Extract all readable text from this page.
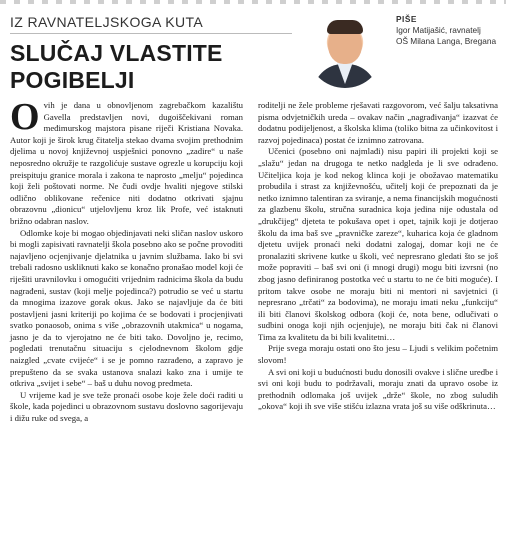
IZ RAVNATELJSKOGA KUTA
SLUČAJ VLASTITE POGIBELJI
PIŠE
Igor Matijašić, ravnatelj
OŠ Milana Langa, Bregana

Ovih je dana u obnovljenom zagrebačkom kazalištu Gavella predstavljen novi, dugoiščekivani roman međimurskog majstora pisane riječi Kristiana Novaka. Autor koji je širok krug čitatelja stekao dvama svojim prethodnim djelima u novoj književnoj uspješnici ponovno „zadire“ u naše neposredno okružje te razgolićuje sustave ogrezle u korupciju koji preispituju granice morala i zakona te naprosto „melju“ pojedinca koji želi poštovati norme. Ne čudi ovdje hvaliti njegove stilski odlično oblikovane rečenice niti dodatno otkrivati sjajnu obrazovnu „dionicu“ utjelovljenu kroz lik Profe, već istaknuti brižno odabran naslov.

Odlomke koje bi mogao objedinjavati neki sličan naslov uskoro bi mogli zapisivati ravnatelji škola posebno ako se počne provoditi najavljeno ocjenjivanje djelatnika u javnim službama. Iako bi svi trebali radosno uskliknuti kako se konačno pronašao model koji će riješiti uravnilovku i omogućiti vrijednim radnicima škola da budu nagrađeni, sustav (koji melje pojedinca?) potrudio se već u startu da mnogima izazove gorak okus. Jako se najavljuje da će biti postavljeni jasni kriteriji po kojima će se bodovati i procjenjivati svatko ponaosob, onima s više „obrazovnih utakmica“ u nogama, jasno je da to vjerojatno ne će biti tako. Dovoljno je, recimo, pogledati trenutačnu situaciju s cjelodnevnom školom gdje naizgled „cvate cvijeće“ i se je pomno razrađeno, a zapravo je prepušteno da se svaka ustanova snalazi kako zna i umije te otkriva „svijet i sebe“ – baš u duhu novog predmeta.

U vrijeme kad je sve teže pronaći osobe koje žele doći raditi u škole, kada pojedinci u obrazovnom sustavu doslovno sagorijevaju i dižu ruke od svega, a

roditelji ne žele probleme rješavati razgovorom, već šalju taksativna pisma odvjetničkih ureda – ovakav način „nagrađivanja“ izazvat će dodatnu podijeljenost, a školska klima (toliko bitna za učinkovitost i razvoj pojedinaca) postat će iznimno zatrovana.

Učenici (posebno oni najmlađi) nisu papiri ili projekti koji se „slažu“ jedan na drugoga te netko nadgleda je li sve odrađeno. Učiteljica koja je kod nekog klinca koji je obožavao matematiku probudila i strast za književnošću, učitelj koji će prepoznati da je netko iznimno talentiran za sviranje, a nema financijskih mogućnosti za glazbenu školu, stručna suradnica koja jedina nije odustala od „drukčijeg“ djeteta te pokušava opet i opet, tajnik koji je dotjerao školu da ima baš sve „pravničke zareze“, kuharica koja će gladnom djetetu uvijek pronaći neki dodatni zalogaj, domar koji ne će pronalaziti skrivene kutke u školi, već nepresrano gledati što se još može popraviti – baš svi oni (i mnogi drugi) mogu biti izvrsni (no zbog jasno definiranog postotka već u startu to ne će biti moguće). I pritom takve osobe ne moraju biti ni mentori ni savjetnici (i nepresrano „trčati“ za bodovima), ne moraju imati neku „funkciju“ ili biti članovi školskog odbora (koji će, nota bene, odlučivati o sudbini onoga koji njih ocjenjuje), ne moraju biti čak ni članovi Tima za kvalitetu da bi bili kvalitetni…

Prije svega moraju ostati ono što jesu – Ljudi s velikim početnim slovom!

A svi oni koji u budućnosti budu donosili ovakve i slične uredbe i svi oni koji budu to podržavali, moraju znati da upravo osobe iz prethodnih odlomaka još uvijek „drže“ škole, no zbog suludih „okova“ koji ih sve više stišću izlazna vrata još su više odškrinuta…
